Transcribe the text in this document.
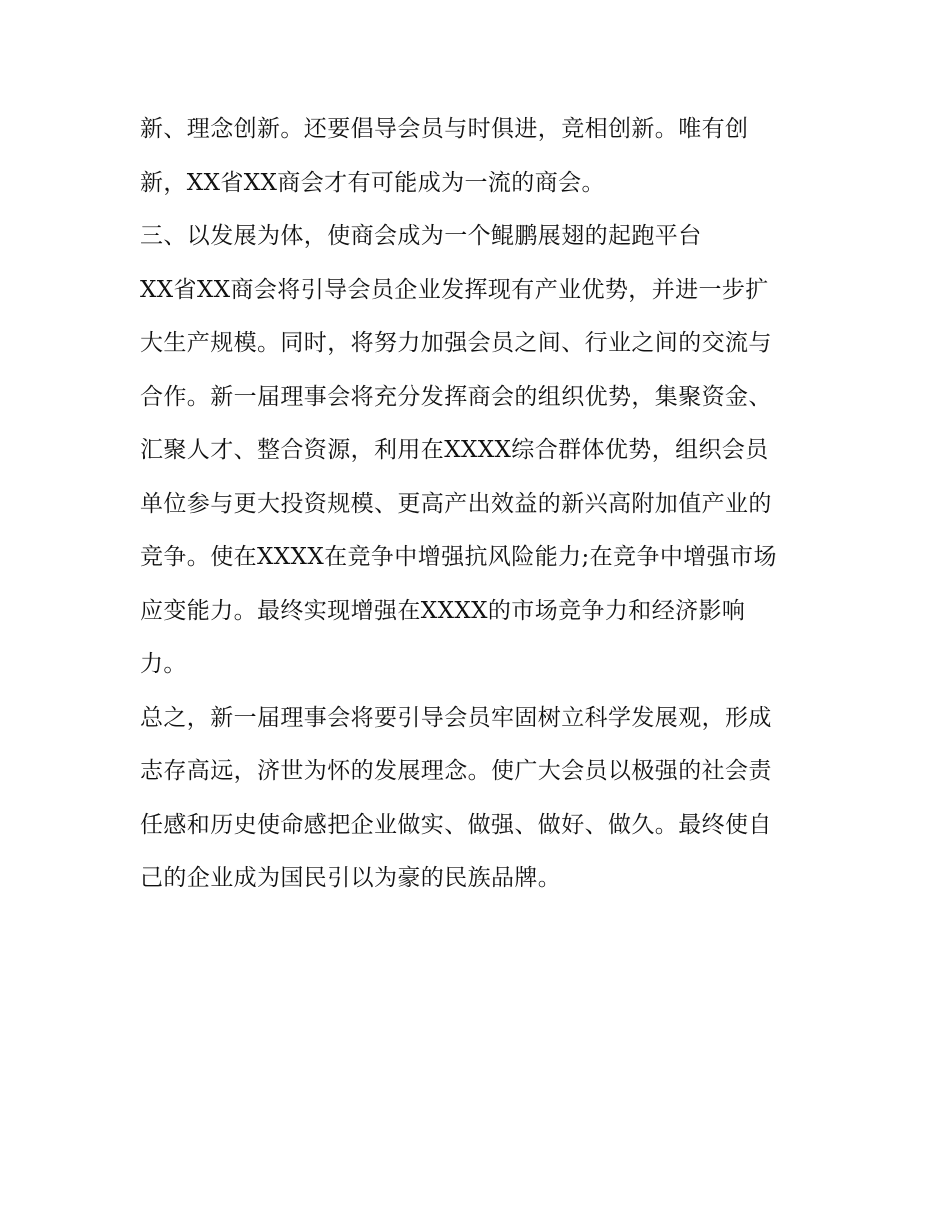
新、理念创新。还要倡导会员与时俱进，竞相创新。唯有创
新，XX省XX商会才有可能成为一流的商会。
三、以发展为体，使商会成为一个鲲鹏展翅的起跑平台
XX省XX商会将引导会员企业发挥现有产业优势，并进一步扩
大生产规模。同时，将努力加强会员之间、行业之间的交流与
合作。新一届理事会将充分发挥商会的组织优势，集聚资金、
汇聚人才、整合资源，利用在XXXX综合群体优势，组织会员
单位参与更大投资规模、更高产出效益的新兴高附加值产业的
竞争。使在XXXX在竞争中增强抗风险能力;在竞争中增强市场
应变能力。最终实现增强在XXXX的市场竞争力和经济影响
力。
总之，新一届理事会将要引导会员牢固树立科学发展观，形成
志存高远，济世为怀的发展理念。使广大会员以极强的社会责
任感和历史使命感把企业做实、做强、做好、做久。最终使自
己的企业成为国民引以为豪的民族品牌。
